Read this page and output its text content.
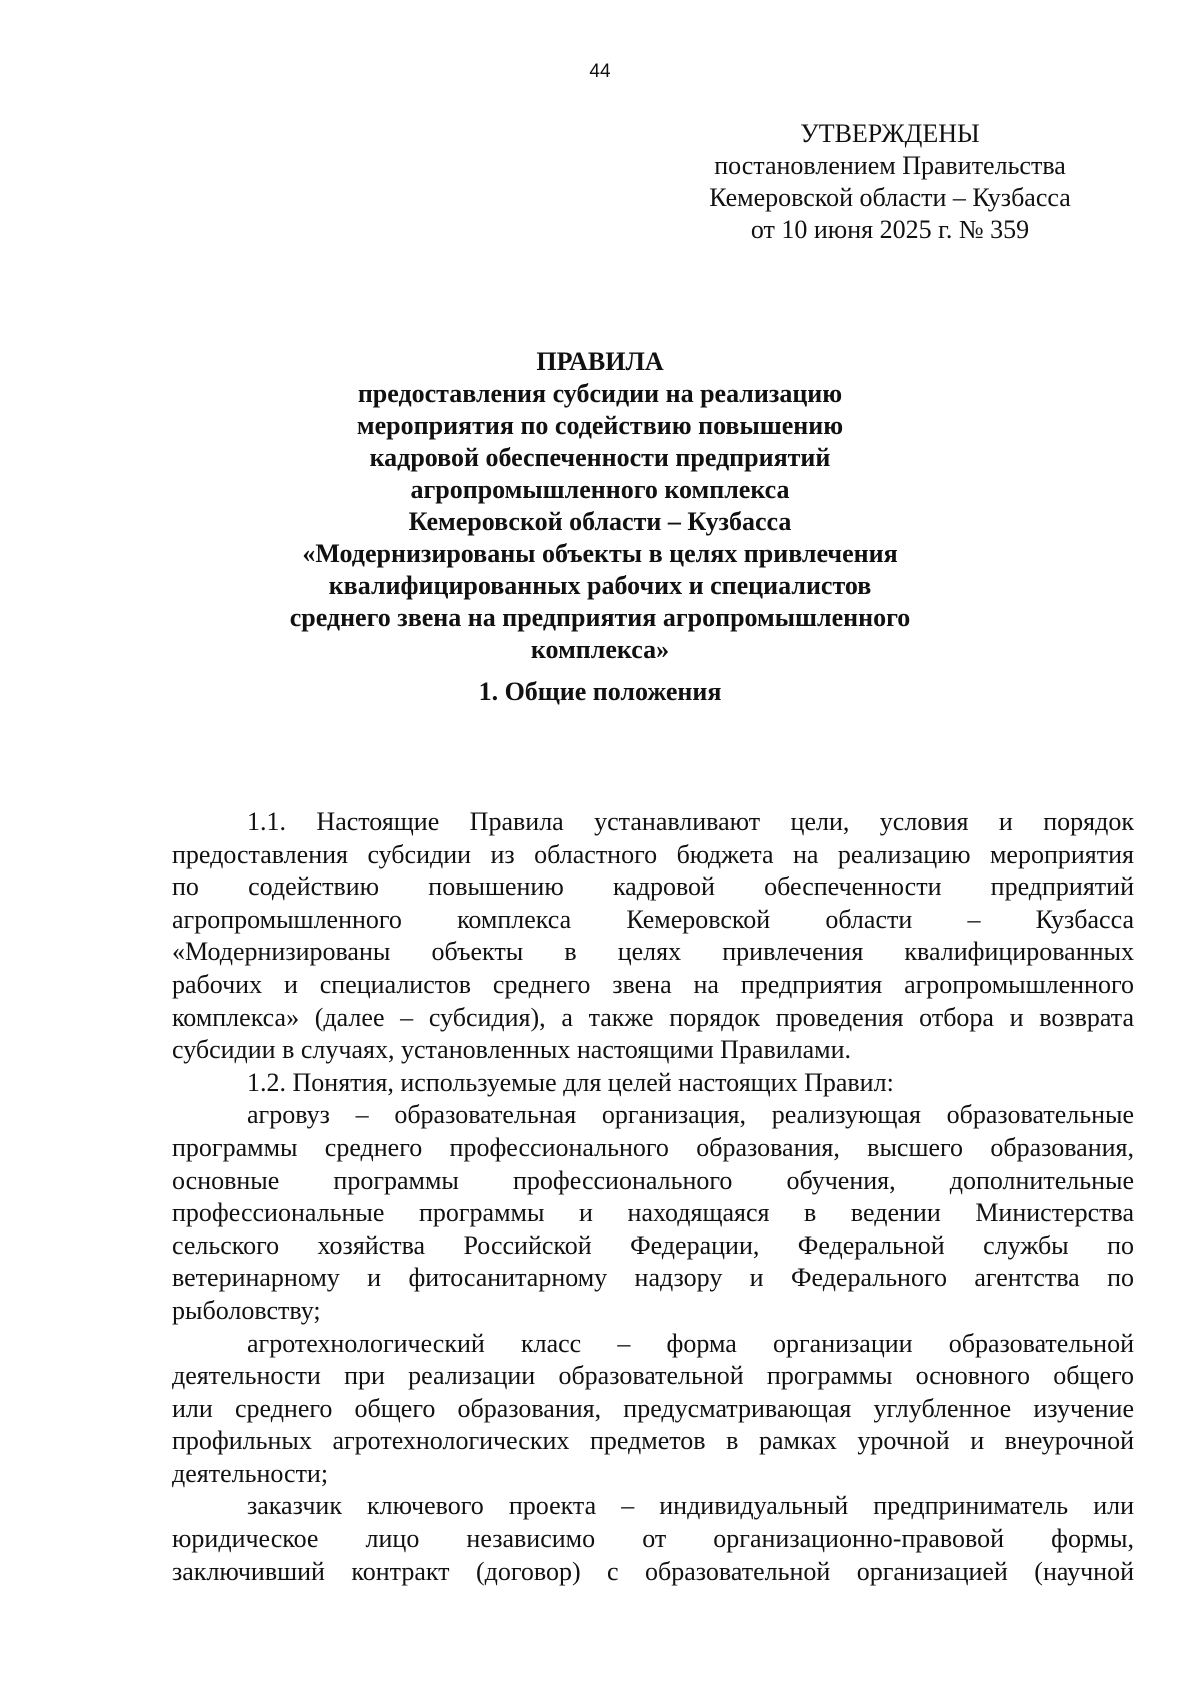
44
УТВЕРЖДЕНЫ
постановлением Правительства
Кемеровской области – Кузбасса
от 10 июня 2025 г. № 359
ПРАВИЛА
предоставления субсидии на реализацию
мероприятия по содействию повышению
кадровой обеспеченности предприятий
агропромышленного комплекса
Кемеровской области – Кузбасса
«Модернизированы объекты в целях привлечения
квалифицированных рабочих и специалистов
среднего звена на предприятия агропромышленного
комплекса»
1. Общие положения
1.1. Настоящие Правила устанавливают цели, условия и порядок
предоставления субсидии из областного бюджета на реализацию мероприятия
по содействию повышению кадровой обеспеченности предприятий
агропромышленного комплекса Кемеровской области – Кузбасса
«Модернизированы объекты в целях привлечения квалифицированных
рабочих и специалистов среднего звена на предприятия агропромышленного
комплекса» (далее – субсидия), а также порядок проведения отбора и возврата
субсидии в случаях, установленных настоящими Правилами.
1.2. Понятия, используемые для целей настоящих Правил:
агровуз – образовательная организация, реализующая образовательные
программы среднего профессионального образования, высшего образования,
основные программы профессионального обучения, дополнительные
профессиональные программы и находящаяся в ведении Министерства
сельского хозяйства Российской Федерации, Федеральной службы по
ветеринарному и фитосанитарному надзору и Федерального агентства по
рыболовству;
агротехнологический класс – форма организации образовательной
деятельности при реализации образовательной программы основного общего
или среднего общего образования, предусматривающая углубленное изучение
профильных агротехнологических предметов в рамках урочной и внеурочной
деятельности;
заказчик ключевого проекта – индивидуальный предприниматель или
юридическое лицо независимо от организационно-правовой формы,
заключивший контракт (договор) с образовательной организацией (научной
